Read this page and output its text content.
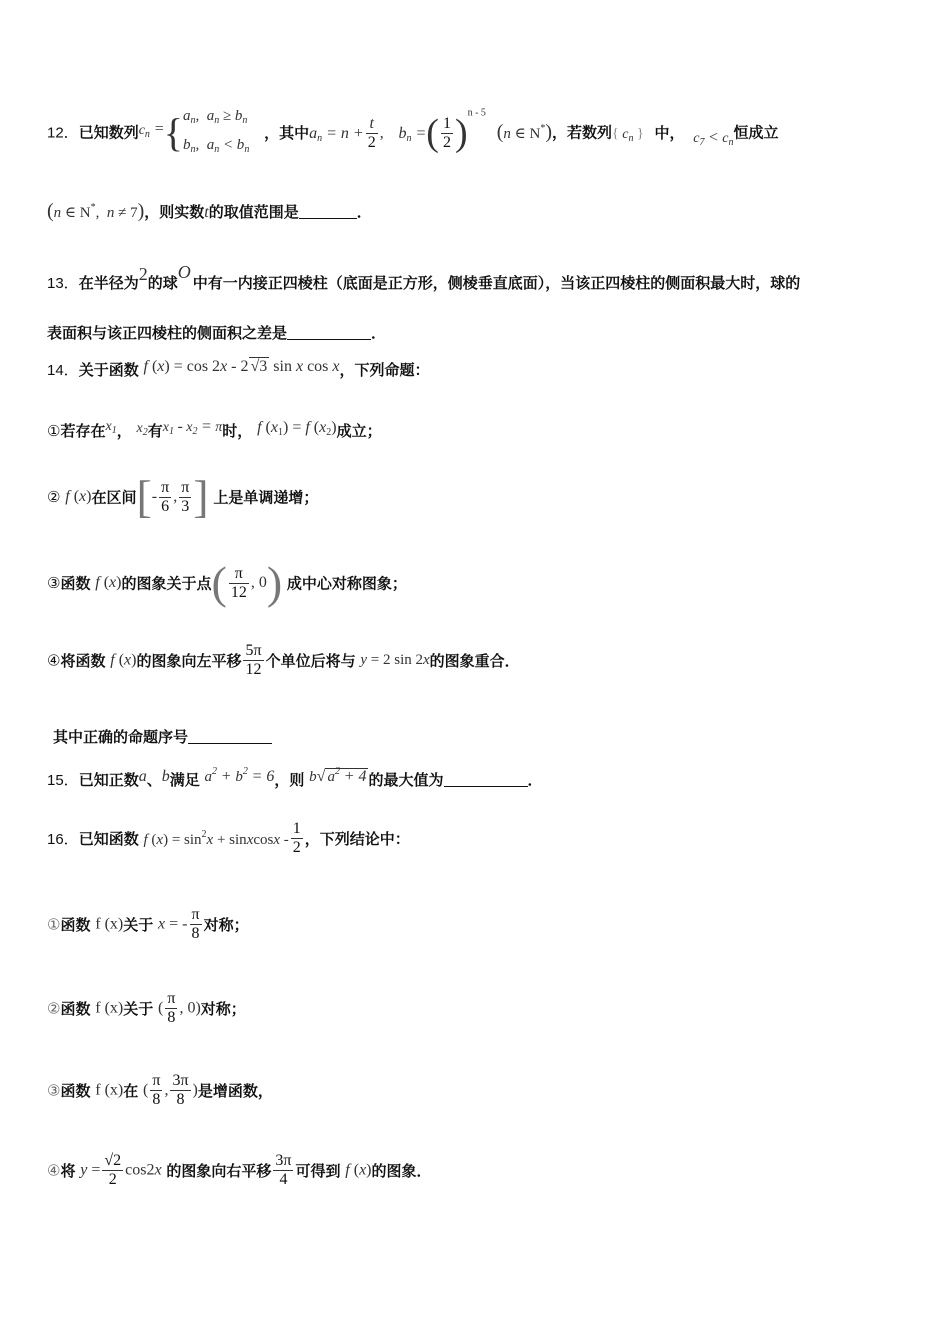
12．已知数列$c_n =\{a_n$,  $a_n \ge b_n$
$b_n$,  $a_n < b_n$ ，其中$a_n = n + \frac{t}{2}$ , $b_n$ =( $\frac{1}{2} )^{n - 5}$ (n ∈ N*)，若数列{ $c_n$ } 中， $c_7 < c_n$恒成立
(n ∈ N*,  n ≠ 7)，则实数t的取值范围是	．
13．在半径为2的球O中有一内接正四棱柱（底面是正方形，侧棱垂直底面），当该正四棱柱的侧面积最大时，球的
表面积与该正四棱柱的侧面积之差是	．
14．关于函数 f (x) = cos 2x - 2 √3 sin x cos x，下列命题：
①若存在$x_1$， $x_2$有$x_1 - x_2 = \pi$时， f $(x_1) = f$ $(x_2)$成立；
② f (x)在区间[- $\frac{\pi}{6}$ , $\frac{\pi}{3}$ ] 上是单调递增；
③函数 f (x)的图象关于点( $\frac{\pi}{12}$ , 0) 成中心对称图象；
④将函数 f (x)的图象向左平移 $\frac{5\pi}{12}$ 个单位后将与 y = 2 sin 2x的图象重合．
其中正确的命题序号
15．已知正数a、b满足 $a^2 + b^2 = 6$，则 b√ $a^2 + 4$ 的最大值为	．
16．已知函数 f $(x) = \sin^2x$ + sinxcosx - $\frac{1}{2}$ ，下列结论中：
①函数 f (x)关于 x = - $\frac{\pi}{8}$ 对称；
②函数 f (x)关于 ( $\frac{\pi}{8}$ , 0)对称；
③函数 f (x)在 ( $\frac{\pi}{8}$ , $\frac{3\pi}{8}$ )是增函数，
④将 $y = \frac{√2}{2} \cos 2x$ 的图象向右平移 $\frac{3\pi}{4}$ 可得到 f (x)的图象．
